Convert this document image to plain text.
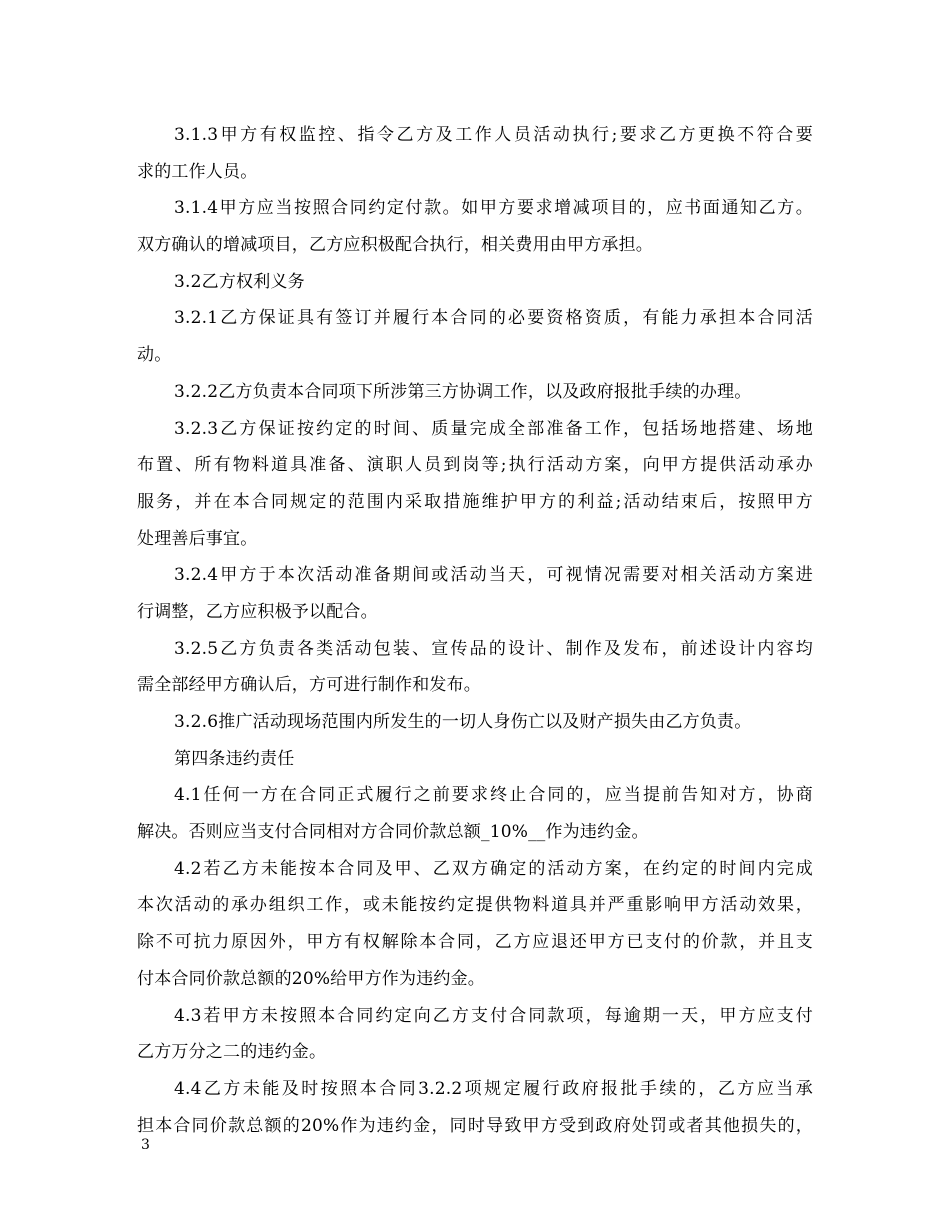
3.1.3甲方有权监控、指令乙方及工作人员活动执行;要求乙方更换不符合要
求的工作人员。
3.1.4甲方应当按照合同约定付款。如甲方要求增减项目的，应书面通知乙方。
双方确认的增减项目，乙方应积极配合执行，相关费用由甲方承担。
3.2乙方权利义务
3.2.1乙方保证具有签订并履行本合同的必要资格资质，有能力承担本合同活
动。
3.2.2乙方负责本合同项下所涉第三方协调工作，以及政府报批手续的办理。
3.2.3乙方保证按约定的时间、质量完成全部准备工作，包括场地搭建、场地
布置、所有物料道具准备、演职人员到岗等;执行活动方案，向甲方提供活动承办
服务，并在本合同规定的范围内采取措施维护甲方的利益;活动结束后，按照甲方
处理善后事宜。
3.2.4甲方于本次活动准备期间或活动当天，可视情况需要对相关活动方案进
行调整，乙方应积极予以配合。
3.2.5乙方负责各类活动包装、宣传品的设计、制作及发布，前述设计内容均
需全部经甲方确认后，方可进行制作和发布。
3.2.6推广活动现场范围内所发生的一切人身伤亡以及财产损失由乙方负责。
第四条违约责任
4.1任何一方在合同正式履行之前要求终止合同的，应当提前告知对方，协商
解决。否则应当支付合同相对方合同价款总额_10%__作为违约金。
4.2若乙方未能按本合同及甲、乙双方确定的活动方案，在约定的时间内完成
本次活动的承办组织工作，或未能按约定提供物料道具并严重影响甲方活动效果，
除不可抗力原因外，甲方有权解除本合同，乙方应退还甲方已支付的价款，并且支
付本合同价款总额的20%给甲方作为违约金。
4.3若甲方未按照本合同约定向乙方支付合同款项，每逾期一天，甲方应支付
乙方万分之二的违约金。
4.4乙方未能及时按照本合同3.2.2项规定履行政府报批手续的，乙方应当承
担本合同价款总额的20%作为违约金，同时导致甲方受到政府处罚或者其他损失的，
3
